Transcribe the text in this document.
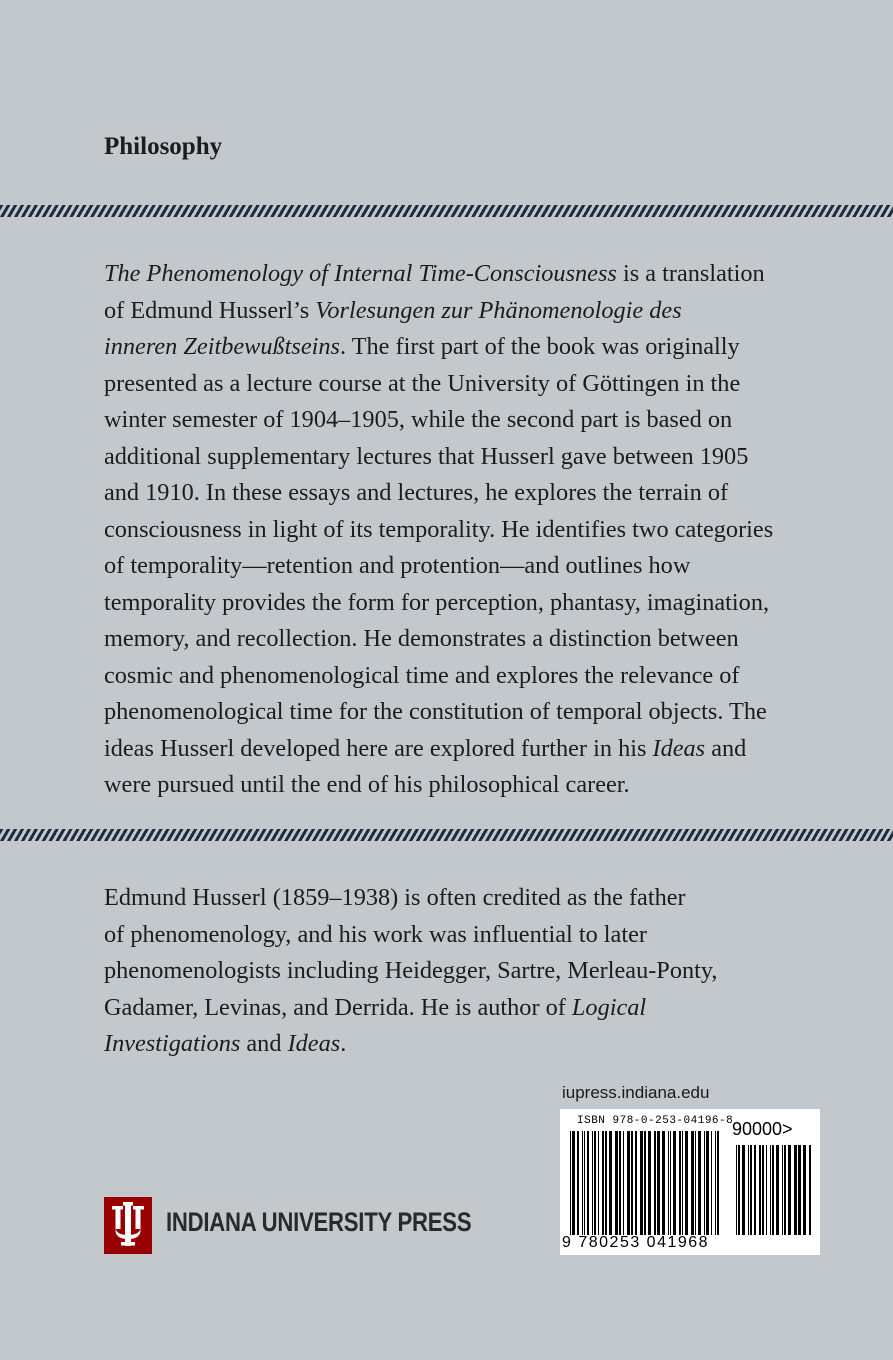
Philosophy
The Phenomenology of Internal Time-Consciousness is a translation
of Edmund Husserl’s Vorlesungen zur Phänomenologie des
inneren Zeitbewußtseins. The first part of the book was originally
presented as a lecture course at the University of Göttingen in the
winter semester of 1904–1905, while the second part is based on
additional supplementary lectures that Husserl gave between 1905
and 1910. In these essays and lectures, he explores the terrain of
consciousness in light of its temporality. He identifies two categories
of temporality—retention and protention—and outlines how
temporality provides the form for perception, phantasy, imagination,
memory, and recollection. He demonstrates a distinction between
cosmic and phenomenological time and explores the relevance of
phenomenological time for the constitution of temporal objects. The
ideas Husserl developed here are explored further in his Ideas and
were pursued until the end of his philosophical career.
Edmund Husserl (1859–1938) is often credited as the father
of phenomenology, and his work was influential to later
phenomenologists including Heidegger, Sartre, Merleau-Ponty,
Gadamer, Levinas, and Derrida. He is author of Logical
Investigations and Ideas.
iupress.indiana.edu
ISBN 978-0-253-04196-8
90000>
9 780253 041968
INDIANA UNIVERSITY PRESS
